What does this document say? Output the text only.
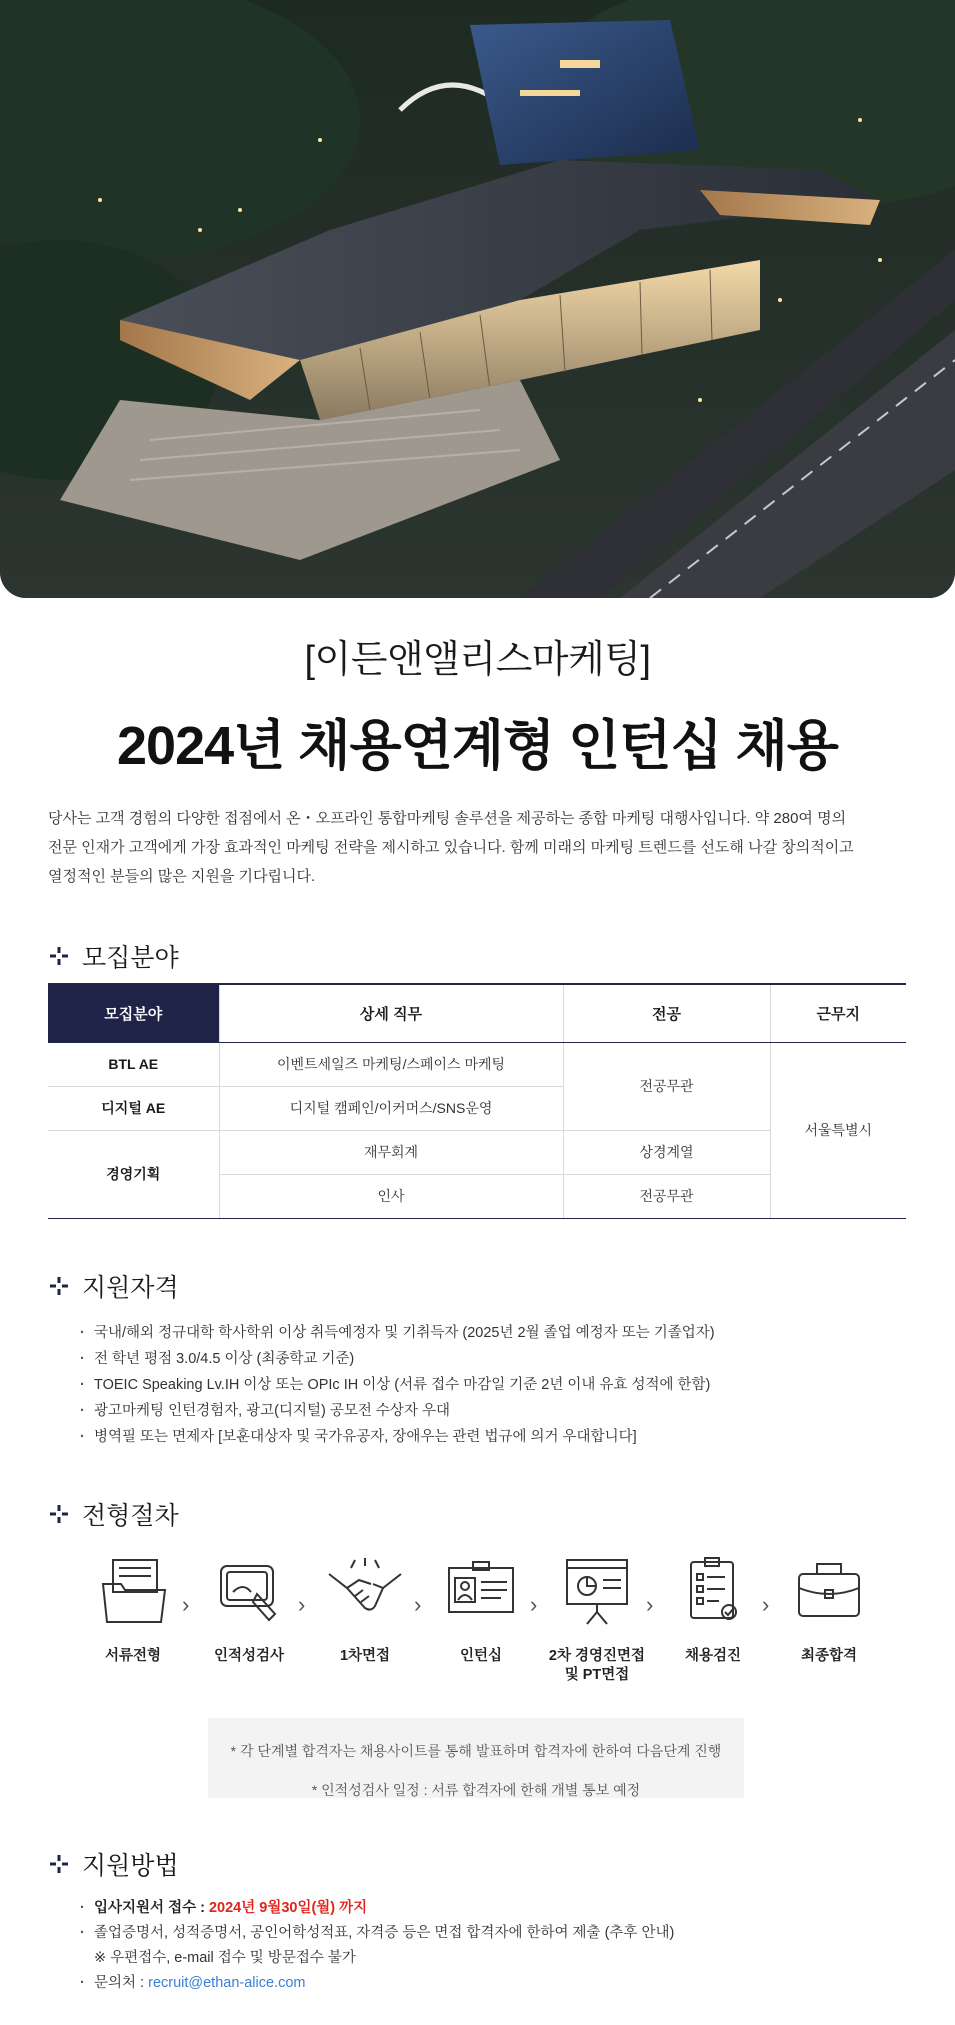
[이든앤앨리스마케팅]
2024년 채용연계형 인턴십 채용
당사는 고객 경험의 다양한 접점에서 온・오프라인 통합마케팅 솔루션을 제공하는 종합 마케팅 대행사입니다. 약 280여 명의
전문 인재가 고객에게 가장 효과적인 마케팅 전략을 제시하고 있습니다. 함께 미래의 마케팅 트렌드를 선도해 나갈 창의적이고
열정적인 분들의 많은 지원을 기다립니다.
모집분야
모집분야	상세 직무	전공	근무지
BTL AE	이벤트세일즈 마케팅/스페이스 마케팅	전공무관	서울특별시
디지털 AE	디지털 캠페인/이커머스/SNS운영		
경영기획	재무회계	상경계열	
	인사	전공무관	
지원자격
· 국내/해외 정규대학 학사학위 이상 취득예정자 및 기취득자 (2025년 2월 졸업 예정자 또는 기졸업자)
· 전 학년 평점 3.0/4.5 이상 (최종학교 기준)
· TOEIC Speaking Lv.IH 이상 또는 OPIc IH 이상 (서류 접수 마감일 기준 2년 이내 유효 성적에 한함)
· 광고마케팅 인턴경험자, 광고(디지털) 공모전 수상자 우대
· 병역필 또는 면제자 [보훈대상자 및 국가유공자, 장애우는 관련 법규에 의거 우대합니다]
전형절차
서류전형
›
인적성검사
›
1차면접
›
인턴십
›
2차 경영진면접
및 PT면접
›
채용검진
›
최종합격
* 각 단계별 합격자는 채용사이트를 통해 발표하며 합격자에 한하여 다음단계 진행
* 인적성검사 일정 : 서류 합격자에 한해 개별 통보 예정
지원방법
· 입사지원서 접수 : 2024년 9월30일(월) 까지
· 졸업증명서, 성적증명서, 공인어학성적표, 자격증 등은 면접 합격자에 한하여 제출 (추후 안내)
※ 우편접수, e-mail 접수 및 방문접수 불가
· 문의처 : recruit@ethan-alice.com
